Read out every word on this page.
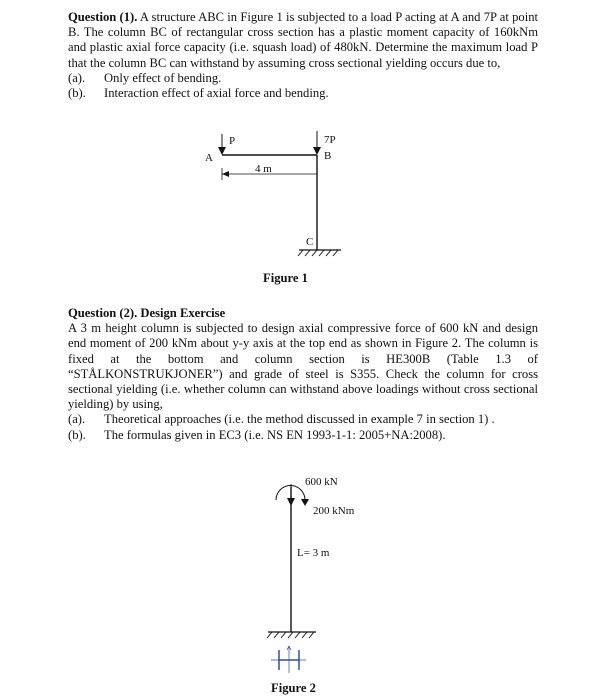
Question (1). A structure ABC in Figure 1 is subjected to a load P acting at A and 7P at point B. The column BC of rectangular cross section has a plastic moment capacity of 160kNm and plastic axial force capacity (i.e. squash load) of 480kN. Determine the maximum load P that the column BC can withstand by assuming cross sectional yielding occurs due to,
(a).	Only effect of bending.
(b).	Interaction effect of axial force and bending.
Question (2). Design Exercise
A 3 m height column is subjected to design axial compressive force of 600 kN and design end moment of 200 kNm about y-y axis at the top end as shown in Figure 2. The column is fixed at the bottom and column section is HE300B (Table 1.3 of “STÅLKONSTRUKJONER”) and grade of steel is S355. Check the column for cross sectional yielding (i.e. whether column can withstand above loadings without cross sectional yielding) by using,
(a).	Theoretical approaches (i.e. the method discussed in example 7 in section 1) .
(b).	The formulas given in EC3 (i.e. NS EN 1993-1-1: 2005+NA:2008).
P	7P
B
A
4 m
C
Figure 1
600 kN
200 kNm
L= 3 m
Figure 2
